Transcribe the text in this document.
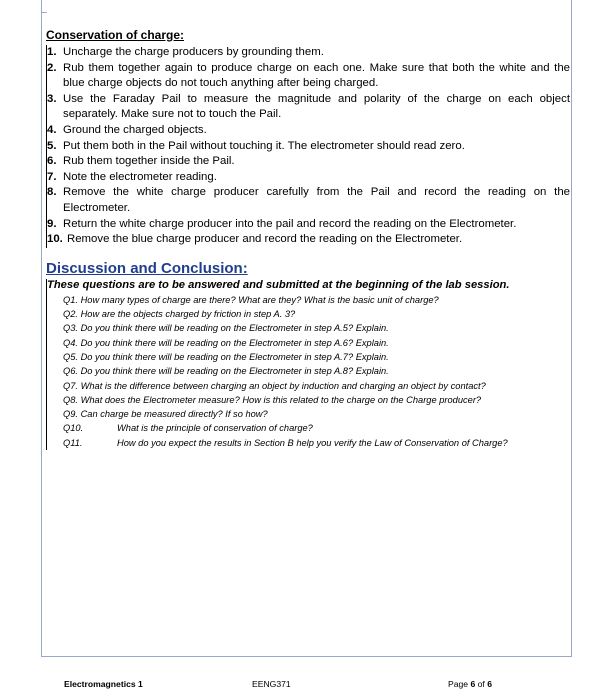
Conservation of charge:
1. Uncharge the charge producers by grounding them.
2. Rub them together again to produce charge on each one. Make sure that both the white and the blue charge objects do not touch anything after being charged.
3. Use the Faraday Pail to measure the magnitude and polarity of the charge on each object separately. Make sure not to touch the Pail.
4. Ground the charged objects.
5. Put them both in the Pail without touching it. The electrometer should read zero.
6. Rub them together inside the Pail.
7. Note the electrometer reading.
8. Remove the white charge producer carefully from the Pail and record the reading on the Electrometer.
9. Return the white charge producer into the pail and record the reading on the Electrometer.
10. Remove the blue charge producer and record the reading on the Electrometer.
Discussion and Conclusion:
These questions are to be answered and submitted at the beginning of the lab session.
Q1.
How many types of charge are there? What are they? What is the basic unit of charge?
Q2.
How are the objects charged by friction in step A. 3?
Q3.
Do you think there will be reading on the Electrometer in step A.5? Explain.
Q4.
Do you think there will be reading on the Electrometer in step A.6? Explain.
Q5.
Do you think there will be reading on the Electrometer in step A.7? Explain.
Q6.
Do you think there will be reading on the Electrometer in step A.8? Explain.
Q7.
What is the difference between charging an object by induction and charging an object by contact?
Q8.
What does the Electrometer measure? How is this related to the charge on the Charge producer?
Q9.
Can charge be measured directly? If so how?
Q10.	What is the principle of conservation of charge?
Q11.	How do you expect the results in Section B help you verify the Law of Conservation of Charge?
Electromagnetics 1	EENG371	Page 6 of 6
